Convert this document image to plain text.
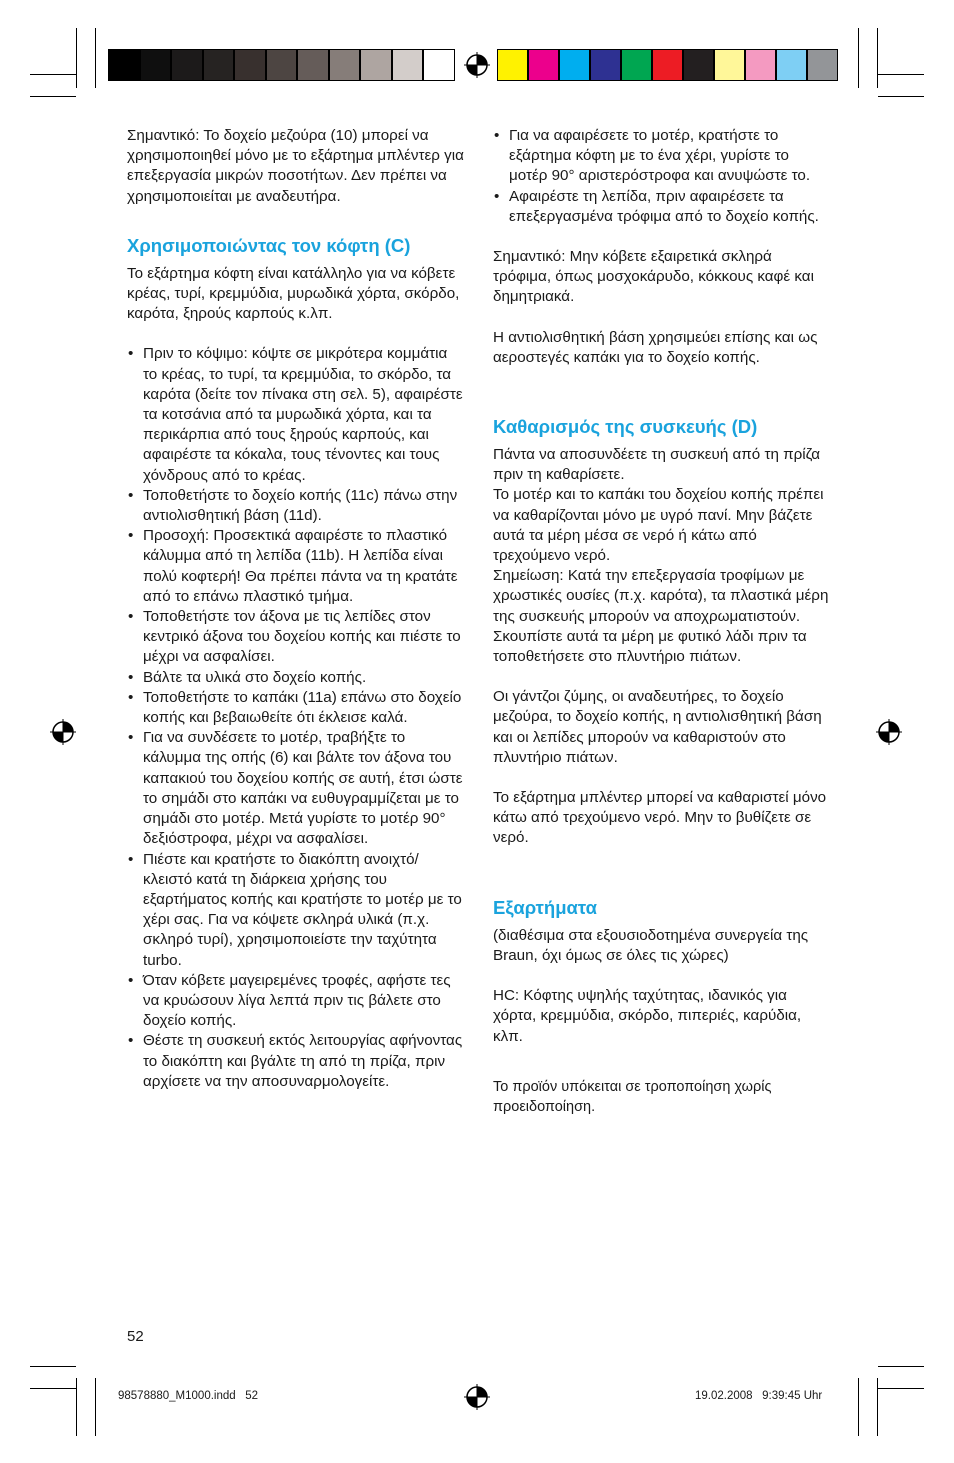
Σημαντικό: Το δοχείο μεζούρα (10) μπορεί να χρησιμοποιηθεί μόνο με το εξάρτημα μπλέντερ για επεξεργασία μικρών ποσοτήτων. Δεν πρέπει να χρησιμοποιείται με αναδευτήρα.

Χρησιμοποιώντας τον κόφτη (C)

Το εξάρτημα κόφτη είναι κατάλληλο για να κόβετε κρέας, τυρί, κρεμμύδια, μυρωδικά χόρτα, σκόρδο, καρότα, ξηρούς καρπούς κ.λπ.

• Πριν το κόψιμο: κόψτε σε μικρότερα κομμάτια το κρέας, το τυρί, τα κρεμμύδια, το σκόρδο, τα καρότα (δείτε τον πίνακα στη σελ. 5), αφαιρέστε τα κοτσάνια από τα μυρωδικά χόρτα, και τα περικάρπια από τους ξηρούς καρπούς, και αφαιρέστε τα κόκαλα, τους τένοντες και τους χόνδρους από το κρέας.
• Τοποθετήστε το δοχείο κοπής (11c) πάνω στην αντιολισθητική βάση (11d).
• Προσοχή: Προσεκτικά αφαιρέστε το πλαστικό κάλυμμα από τη λεπίδα (11b). Η λεπίδα είναι πολύ κοφτερή! Θα πρέπει πάντα να τη κρατάτε από το επάνω πλαστικό τμήμα.
• Τοποθετήστε τον άξονα με τις λεπίδες στον κεντρικό άξονα του δοχείου κοπής και πιέστε το μέχρι να ασφαλίσει.
• Βάλτε τα υλικά στο δοχείο κοπής.
• Τοποθετήστε το καπάκι (11a) επάνω στο δοχείο κοπής και βεβαιωθείτε ότι έκλεισε καλά.
• Για να συνδέσετε το μοτέρ, τραβήξτε το κάλυμμα της οπής (6) και βάλτε τον άξονα του καπακιού του δοχείου κοπής σε αυτή, έτσι ώστε το σημάδι στο καπάκι να ευθυγραμμίζεται με το σημάδι στο μοτέρ. Μετά γυρίστε το μοτέρ 90° δεξιόστροφα, μέχρι να ασφαλίσει.
• Πιέστε και κρατήστε το διακόπτη ανοιχτό/κλειστό κατά τη διάρκεια χρήσης του εξαρτήματος κοπής και κρατήστε το μοτέρ με το χέρι σας. Για να κόψετε σκληρά υλικά (π.χ. σκληρό τυρί), χρησιμοποιείστε την ταχύτητα turbo.
• Όταν κόβετε μαγειρεμένες τροφές, αφήστε τες να κρυώσουν λίγα λεπτά πριν τις βάλετε στο δοχείο κοπής.
• Θέστε τη συσκευή εκτός λειτουργίας αφήνοντας το διακόπτη και βγάλτε τη από τη πρίζα, πριν αρχίσετε να την αποσυναρμολογείτε.
52
• Για να αφαιρέσετε το μοτέρ, κρατήστε το εξάρτημα κόφτη με το ένα χέρι, γυρίστε το μοτέρ 90° αριστερόστροφα και ανυψώστε το.
• Αφαιρέστε τη λεπίδα, πριν αφαιρέσετε τα επεξεργασμένα τρόφιμα από το δοχείο κοπής.

Σημαντικό: Μην κόβετε εξαιρετικά σκληρά τρόφιμα, όπως μοσχοκάρυδο, κόκκους καφέ και δημητριακά.

Η αντιολισθητική βάση χρησιμεύει επίσης και ως αεροστεγές καπάκι για το δοχείο κοπής.

Καθαρισμός της συσκευής (D)

Πάντα να αποσυνδέετε τη συσκευή από τη πρίζα πριν τη καθαρίσετε.

Το μοτέρ και το καπάκι του δοχείου κοπής πρέπει να καθαρίζονται μόνο με υγρό πανί. Μην βάζετε αυτά τα μέρη μέσα σε νερό ή κάτω από τρεχούμενο νερό.

Σημείωση: Κατά την επεξεργασία τροφίμων με χρωστικές ουσίες (π.χ. καρότα), τα πλαστικά μέρη της συσκευής μπορούν να αποχρωματιστούν. Σκουπίστε αυτά τα μέρη με φυτικό λάδι πριν τα τοποθετήσετε στο πλυντήριο πιάτων.

Οι γάντζοι ζύμης, οι αναδευτήρες, το δοχείο μεζούρα, το δοχείο κοπής, η αντιολισθητική βάση και οι λεπίδες μπορούν να καθαριστούν στο πλυντήριο πιάτων.

Το εξάρτημα μπλέντερ μπορεί να καθαριστεί μόνο κάτω από τρεχούμενο νερό. Μην το βυθίζετε σε νερό.

Εξαρτήματα

(διαθέσιμα στα εξουσιοδοτημένα συνεργεία της Braun, όχι όμως σε όλες τις χώρες)

HC: Κόφτης υψηλής ταχύτητας, ιδανικός για χόρτα, κρεμμύδια, σκόρδο, πιπεριές, καρύδια, κλπ.

Το προϊόν υπόκειται σε τροποποίηση χωρίς προειδοποίηση.

98578880_M1000.indd   52	19.02.2008   9:39:45 Uhr
